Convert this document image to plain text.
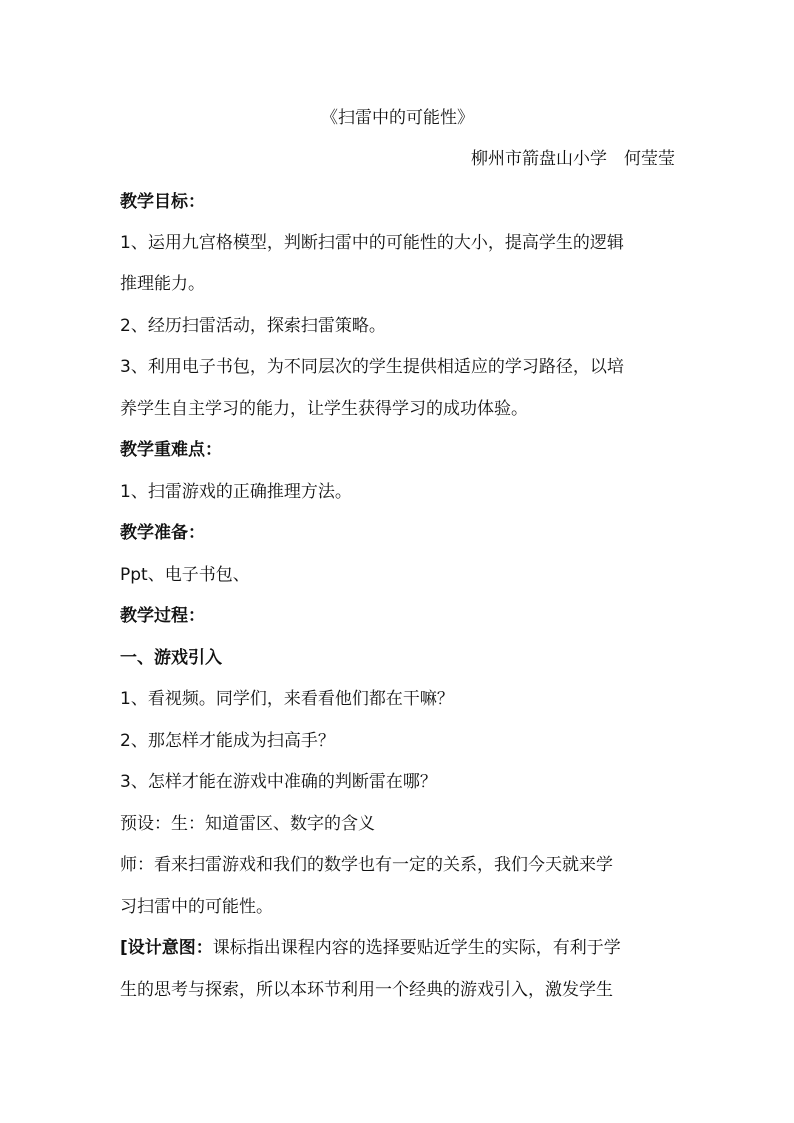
《扫雷中的可能性》
柳州市箭盘山小学　何莹莹
教学目标：
1、运用九宫格模型，判断扫雷中的可能性的大小，提高学生的逻辑
推理能力。
2、经历扫雷活动，探索扫雷策略。
3、利用电子书包，为不同层次的学生提供相适应的学习路径，以培
养学生自主学习的能力，让学生获得学习的成功体验。
教学重难点：
1、扫雷游戏的正确推理方法。
教学准备：
Ppt、电子书包、
教学过程：
一、游戏引入
1、看视频。同学们，来看看他们都在干嘛？
2、那怎样才能成为扫高手？
3、怎样才能在游戏中准确的判断雷在哪？
预设：生：知道雷区、数字的含义
师：看来扫雷游戏和我们的数学也有一定的关系，我们今天就来学
习扫雷中的可能性。
[设计意图：课标指出课程内容的选择要贴近学生的实际，有利于学
生的思考与探索，所以本环节利用一个经典的游戏引入，激发学生
